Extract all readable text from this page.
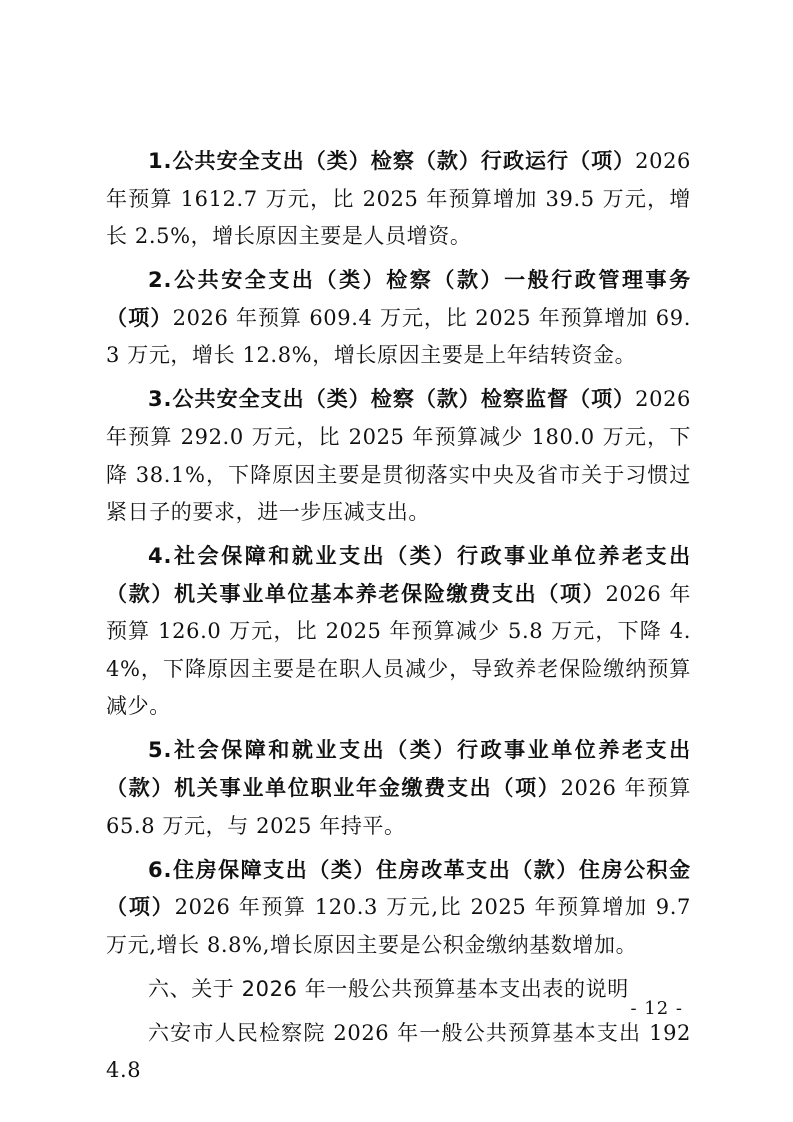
1.公共安全支出（类）检察（款）行政运行（项）2026 年预算 1612.7 万元，比 2025 年预算增加 39.5 万元，增长 2.5%，增长原因主要是人员增资。

2.公共安全支出（类）检察（款）一般行政管理事务（项）2026 年预算 609.4 万元，比 2025 年预算增加 69.3 万元，增长 12.8%，增长原因主要是上年结转资金。

3.公共安全支出（类）检察（款）检察监督（项）2026 年预算 292.0 万元，比 2025 年预算减少 180.0 万元，下降 38.1%，下降原因主要是贯彻落实中央及省市关于习惯过紧日子的要求，进一步压减支出。

4.社会保障和就业支出（类）行政事业单位养老支出（款）机关事业单位基本养老保险缴费支出（项）2026 年预算 126.0 万元，比 2025 年预算减少 5.8 万元，下降 4.4%，下降原因主要是在职人员减少，导致养老保险缴纳预算减少。

5.社会保障和就业支出（类）行政事业单位养老支出（款）机关事业单位职业年金缴费支出（项）2026 年预算 65.8 万元，与 2025 年持平。

6.住房保障支出（类）住房改革支出（款）住房公积金（项）2026 年预算 120.3 万元,比 2025 年预算增加 9.7 万元,增长 8.8%,增长原因主要是公积金缴纳基数增加。

六、关于 2026 年一般公共预算基本支出表的说明

六安市人民检察院 2026 年一般公共预算基本支出 1924.8

- 12 -
